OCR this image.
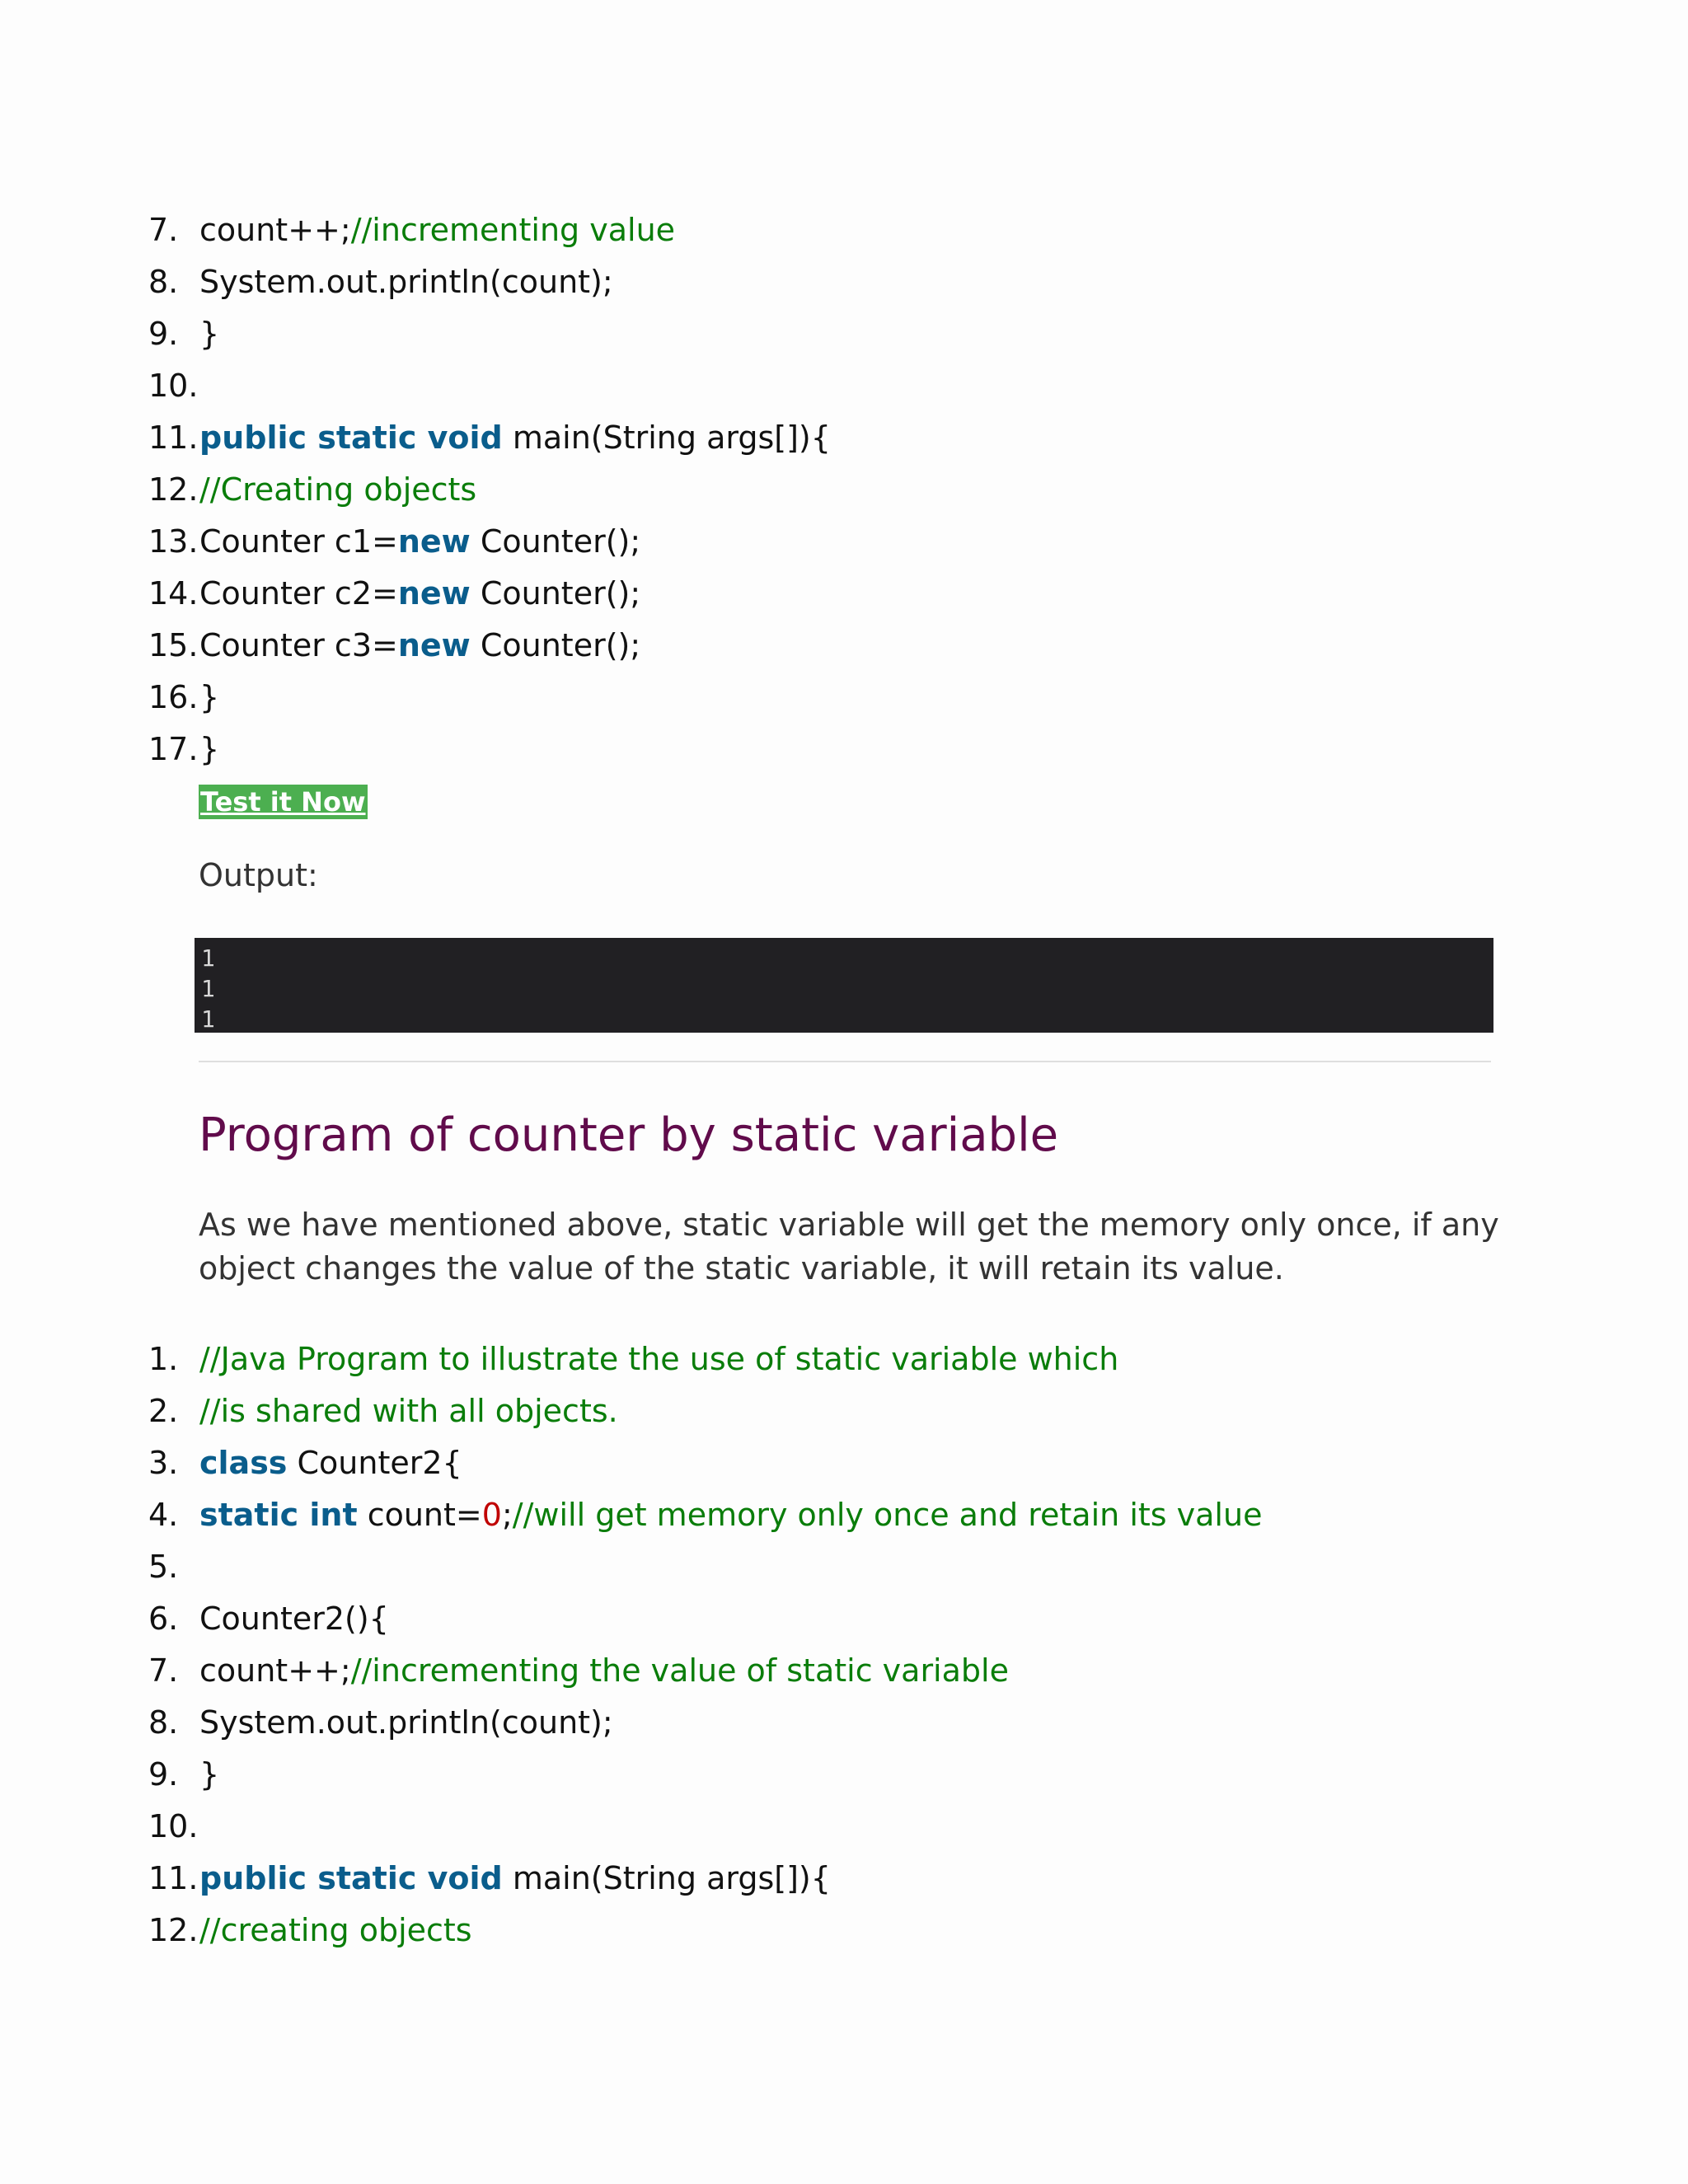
7. count++;//incrementing value
8. System.out.println(count);
9. }
10.
11. public static void main(String args[]){
12. //Creating objects
13. Counter c1=new Counter();
14. Counter c2=new Counter();
15. Counter c3=new Counter();
16. }
17. }
Test it Now
Output:
1
1
1
Program of counter by static variable

As we have mentioned above, static variable will get the memory only once, if any object changes the value of the static variable, it will retain its value.

1. //Java Program to illustrate the use of static variable which
2. //is shared with all objects.
3. class Counter2{
4. static int count=0;//will get memory only once and retain its value
5.
6. Counter2(){
7. count++;//incrementing the value of static variable
8. System.out.println(count);
9. }
10.
11. public static void main(String args[]){
12. //creating objects
